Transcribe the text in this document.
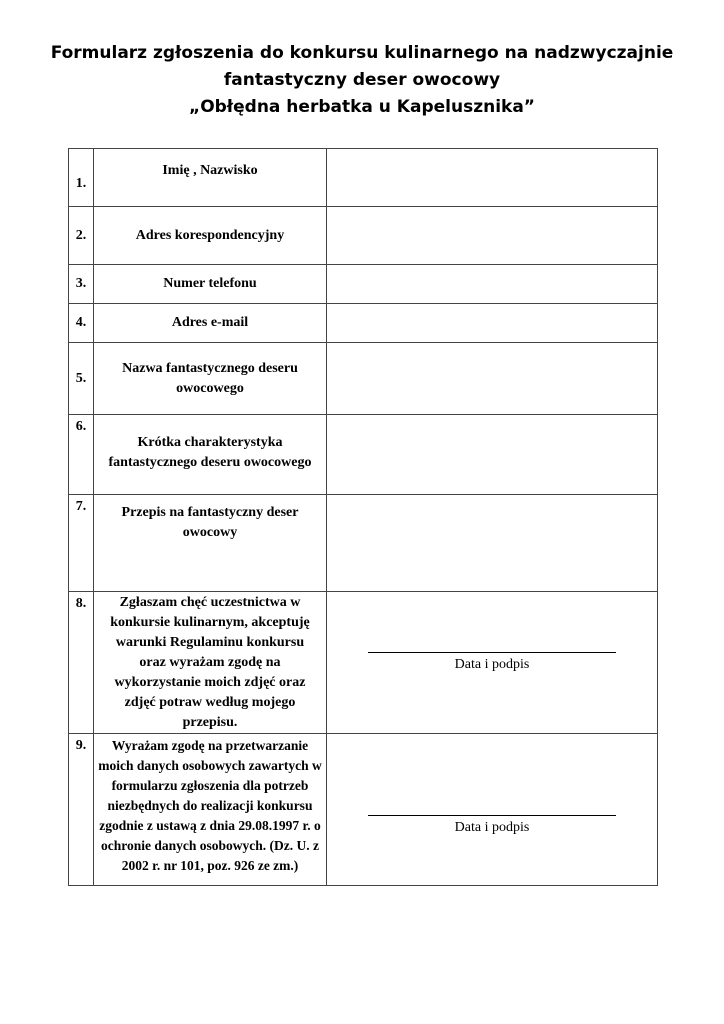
Formularz zgłoszenia do konkursu kulinarnego na nadzwyczajnie
fantastyczny deser owocowy
„Obłędna herbatka u Kapelusznika”
1.	Imię , Nazwisko	
2.	Adres korespondencyjny	
3.	Numer telefonu	
4.	Adres e-mail	
5.	Nazwa fantastycznego deseru owocowego	
6.	Krótka charakterystyka fantastycznego deseru owocowego	
7.	Przepis na fantastyczny deser owocowy	
8.	Zgłaszam chęć uczestnictwa w konkursie kulinarnym, akceptuję warunki Regulaminu konkursu oraz wyrażam zgodę na wykorzystanie moich zdjęć oraz zdjęć potraw według mojego przepisu.	Data i podpis

9.	Wyrażam zgodę na przetwarzanie moich danych osobowych zawartych w formularzu zgłoszenia dla potrzeb niezbędnych do realizacji konkursu zgodnie z ustawą z dnia 29.08.1997 r. o ochronie danych osobowych. (Dz. U. z 2002 r. nr 101, poz. 926 ze zm.)	Data i podpis
